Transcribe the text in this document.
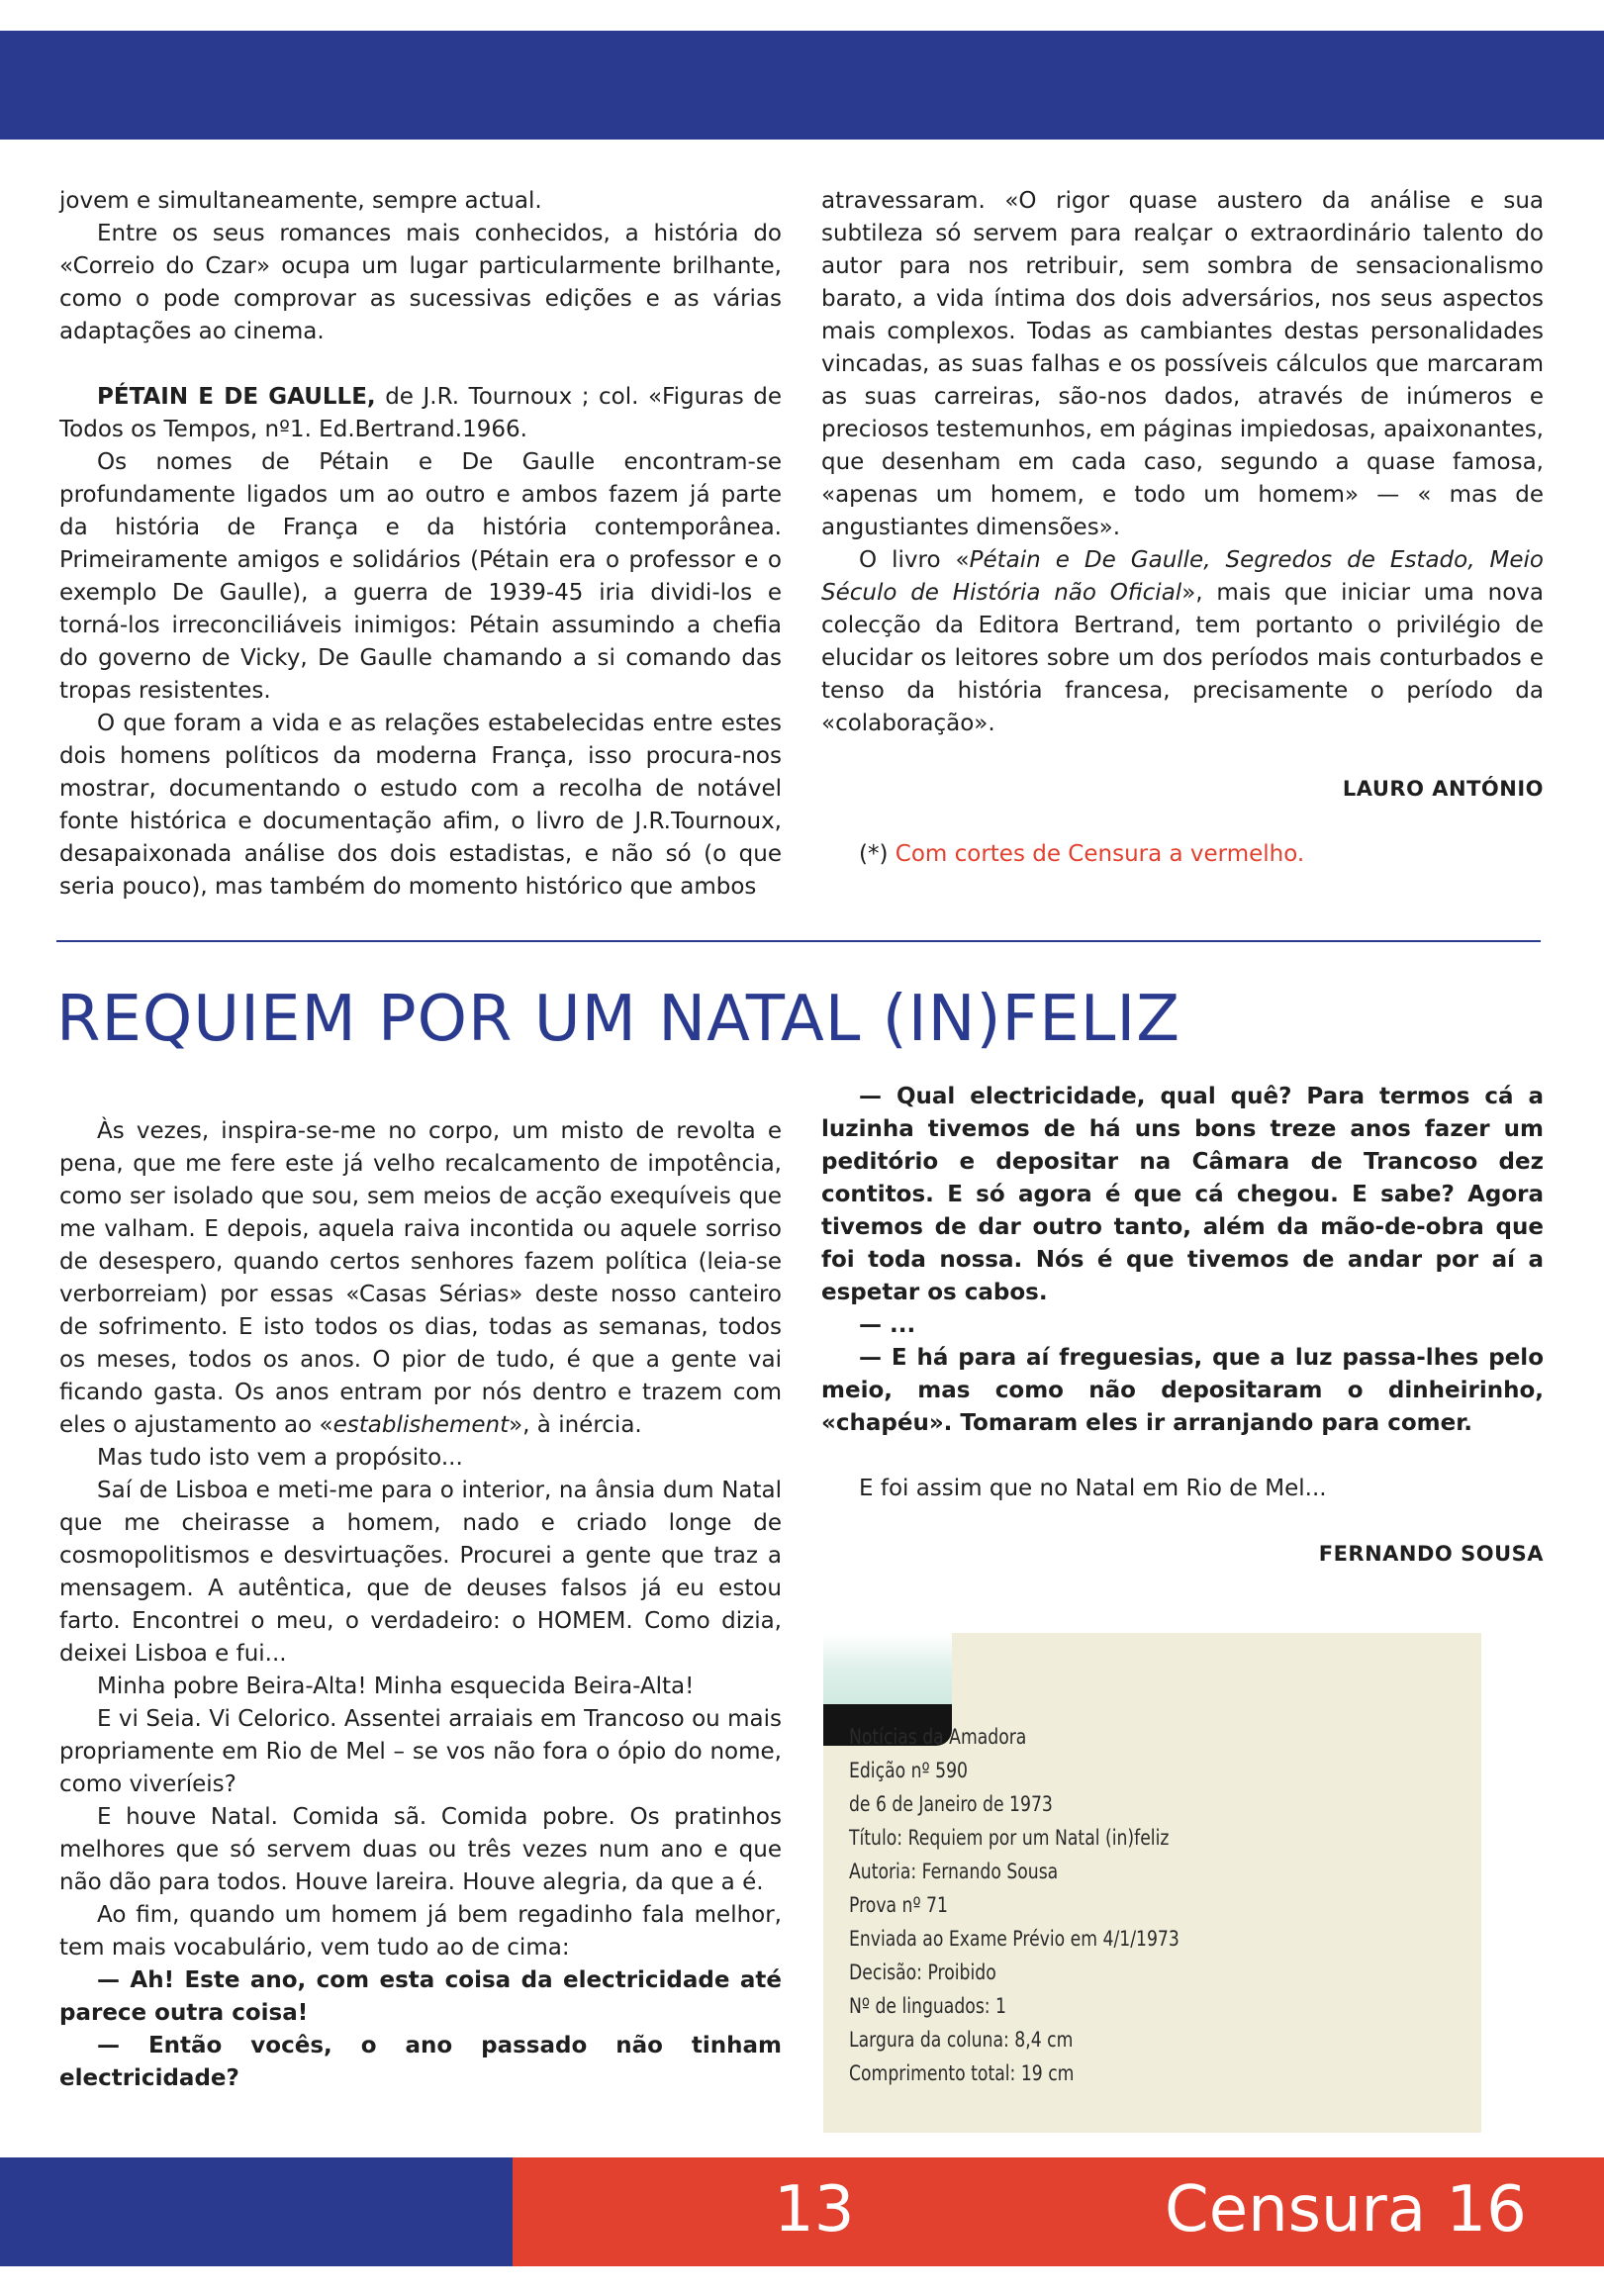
jovem e simultaneamente, sempre actual.

Entre os seus romances mais conhecidos, a história do «Correio do Czar» ocupa um lugar particularmente brilhante, como o pode comprovar as sucessivas edições e as várias adaptações ao cinema.

PÉTAIN E DE GAULLE, de J.R. Tournoux ; col. «Figuras de Todos os Tempos, nº1. Ed.Bertrand.1966.

Os nomes de Pétain e De Gaulle encontram-se profundamente ligados um ao outro e ambos fazem já parte da história de França e da história contemporânea. Primeiramente amigos e solidários (Pétain era o professor e o exemplo De Gaulle), a guerra de 1939-45 iria dividi-los e torná-los irreconciliáveis inimigos: Pétain assumindo a chefia do governo de Vicky, De Gaulle chamando a si comando das tropas resistentes.

O que foram a vida e as relações estabelecidas entre estes dois homens políticos da moderna França, isso procura-nos mostrar, documentando o estudo com a recolha de notável fonte histórica e documentação afim, o livro de J.R.Tournoux, desapaixonada análise dos dois estadistas, e não só (o que seria pouco), mas também do momento histórico que ambos

atravessaram. «O rigor quase austero da análise e sua subtileza só servem para realçar o extraordinário talento do autor para nos retribuir, sem sombra de sensacionalismo barato, a vida íntima dos dois adversários, nos seus aspectos mais complexos. Todas as cambiantes destas personalidades vincadas, as suas falhas e os possíveis cálculos que marcaram as suas carreiras, são-nos dados, através de inúmeros e preciosos testemunhos, em páginas impiedosas, apaixonantes, que desenham em cada caso, segundo a quase famosa, «apenas um homem, e todo um homem» — « mas de angustiantes dimensões».

O livro «Pétain e De Gaulle, Segredos de Estado, Meio Século de História não Oficial», mais que iniciar uma nova colecção da Editora Bertrand, tem portanto o privilégio de elucidar os leitores sobre um dos períodos mais conturbados e tenso da história francesa, precisamente o período da «colaboração».

LAURO ANTÓNIO

(*) Com cortes de Censura a vermelho.

REQUIEM POR UM NATAL (IN)FELIZ

Às vezes, inspira-se-me no corpo, um misto de revolta e pena, que me fere este já velho recalcamento de impotência, como ser isolado que sou, sem meios de acção exequíveis que me valham. E depois, aquela raiva incontida ou aquele sorriso de desespero, quando certos senhores fazem política (leia-se verborreiam) por essas «Casas Sérias» deste nosso canteiro de sofrimento. E isto todos os dias, todas as semanas, todos os meses, todos os anos. O pior de tudo, é que a gente vai ficando gasta. Os anos entram por nós dentro e trazem com eles o ajustamento ao «establishement», à inércia.

Mas tudo isto vem a propósito...

Saí de Lisboa e meti-me para o interior, na ânsia dum Natal que me cheirasse a homem, nado e criado longe de cosmopolitismos e desvirtuações. Procurei a gente que traz a mensagem. A autêntica, que de deuses falsos já eu estou farto. Encontrei o meu, o verdadeiro: o HOMEM. Como dizia, deixei Lisboa e fui...

Minha pobre Beira-Alta! Minha esquecida Beira-Alta!

E vi Seia. Vi Celorico. Assentei arraiais em Trancoso ou mais propriamente em Rio de Mel – se vos não fora o ópio do nome, como viveríeis?

E houve Natal. Comida sã. Comida pobre. Os pratinhos melhores que só servem duas ou três vezes num ano e que não dão para todos. Houve lareira. Houve alegria, da que a é.

Ao fim, quando um homem já bem regadinho fala melhor, tem mais vocabulário, vem tudo ao de cima:

— Ah! Este ano, com esta coisa da electricidade até parece outra coisa!

— Então vocês, o ano passado não tinham electricidade?

— Qual electricidade, qual quê? Para termos cá a luzinha tivemos de há uns bons treze anos fazer um peditório e depositar na Câmara de Trancoso dez contitos. E só agora é que cá chegou. E sabe? Agora tivemos de dar outro tanto, além da mão-de-obra que foi toda nossa. Nós é que tivemos de andar por aí a espetar os cabos.

— ...

— E há para aí freguesias, que a luz passa-lhes pelo meio, mas como não depositaram o dinheirinho, «chapéu». Tomaram eles ir arranjando para comer.

E foi assim que no Natal em Rio de Mel...

FERNANDO SOUSA

Notícias da Amadora
Edição nº 590
de 6 de Janeiro de 1973
Título: Requiem por um Natal (in)feliz
Autoria: Fernando Sousa
Prova nº 71
Enviada ao Exame Prévio em 4/1/1973
Decisão: Proibido
Nº de linguados: 1
Largura da coluna: 8,4 cm
Comprimento total: 19 cm
13	Censura 16
